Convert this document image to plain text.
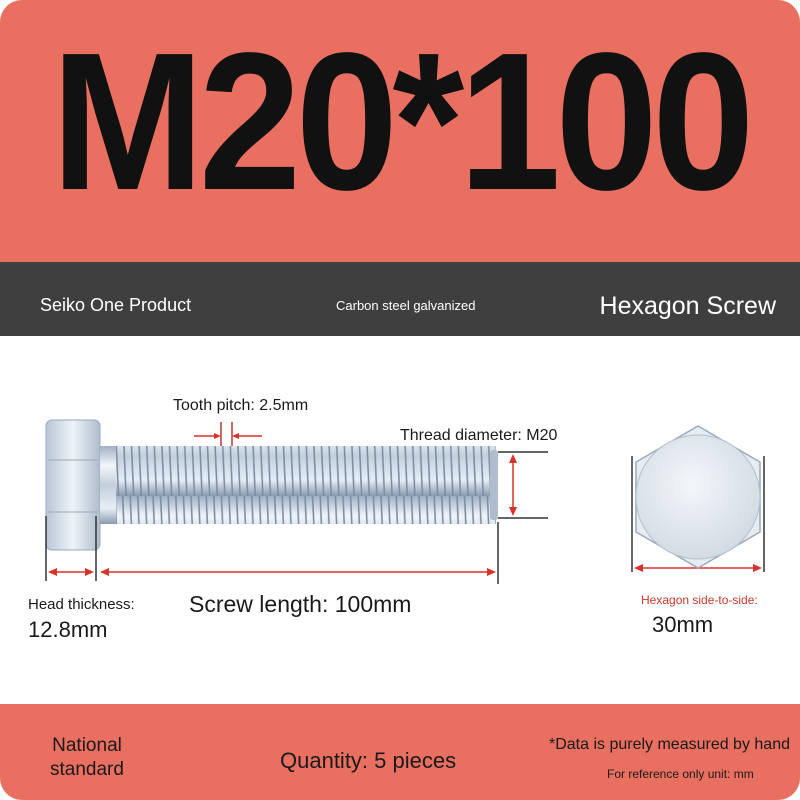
M20*100
Seiko One Product	Carbon steel galvanized	Hexagon Screw
Tooth pitch: 2.5mm
Thread diameter: M20
Head thickness:
12.8mm
Screw length: 100mm	Hexagon side-to-side:
30mm
National
standard	Quantity: 5 pieces
*Data is purely measured by hand
For reference only unit: mm
